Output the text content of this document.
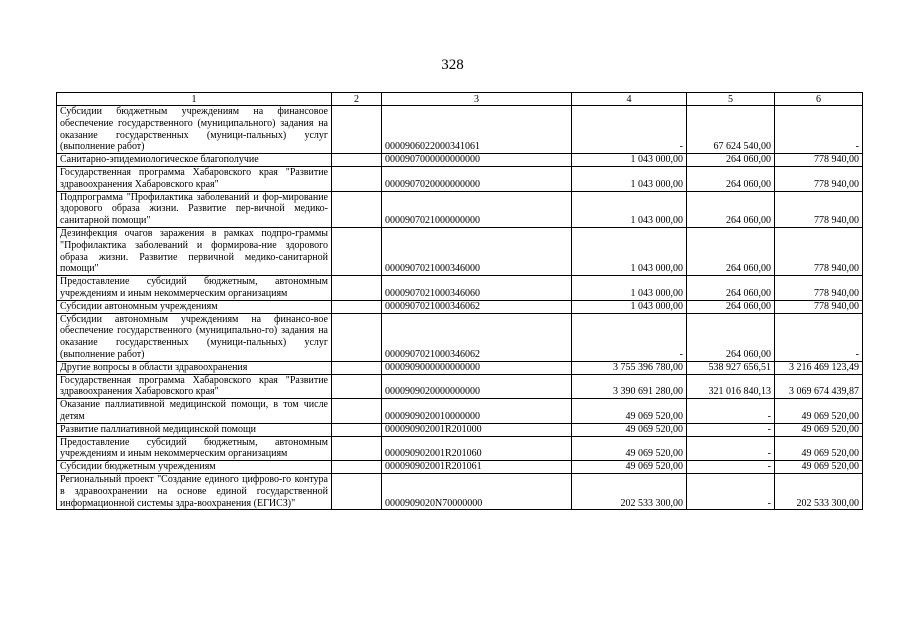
328
1	2	3	4	5	6
Субсидии бюджетным учреждениям на финансовое обеспечение государственного (муниципального) задания на оказание государственных (муници-пальных) услуг (выполнение работ)		0000906022000341061	-	67 624 540,00	-
Санитарно-эпидемиологическое благополучие		0000907000000000000	1 043 000,00	264 060,00	778 940,00
Государственная программа Хабаровского края "Развитие здравоохранения Хабаровского края"		0000907020000000000	1 043 000,00	264 060,00	778 940,00
Подпрограмма "Профилактика заболеваний и фор-мирование здорового образа жизни. Развитие пер-вичной медико-санитарной помощи"		0000907021000000000	1 043 000,00	264 060,00	778 940,00
Дезинфекция очагов заражения в рамках подпро-граммы "Профилактика заболеваний и формирова-ние здорового образа жизни. Развитие первичной медико-санитарной помощи"		0000907021000346000	1 043 000,00	264 060,00	778 940,00
Предоставление субсидий бюджетным, автономным учреждениям и иным некоммерческим организациям		0000907021000346060	1 043 000,00	264 060,00	778 940,00
Субсидии автономным учреждениям		0000907021000346062	1 043 000,00	264 060,00	778 940,00
Субсидии автономным учреждениям на финансо-вое обеспечение государственного (муниципально-го) задания на оказание государственных (муници-пальных) услуг (выполнение работ)		0000907021000346062	-	264 060,00	-
Другие вопросы в области здравоохранения		0000909000000000000	3 755 396 780,00	538 927 656,51	3 216 469 123,49
Государственная программа Хабаровского края "Развитие здравоохранения Хабаровского края"		0000909020000000000	3 390 691 280,00	321 016 840,13	3 069 674 439,87
Оказание паллиативной медицинской помощи, в том числе детям		0000909020010000000	49 069 520,00	-	49 069 520,00
Развитие паллиативной медицинской помощи		000090902001R201000	49 069 520,00	-	49 069 520,00
Предоставление субсидий бюджетным, автономным учреждениям и иным некоммерческим организациям		000090902001R201060	49 069 520,00	-	49 069 520,00
Субсидии бюджетным учреждениям		000090902001R201061	49 069 520,00	-	49 069 520,00
Региональный проект "Создание единого цифрово-го контура в здравоохранении на основе единой государственной информационной системы здра-воохранения (ЕГИСЗ)"		0000909020N70000000	202 533 300,00	-	202 533 300,00
